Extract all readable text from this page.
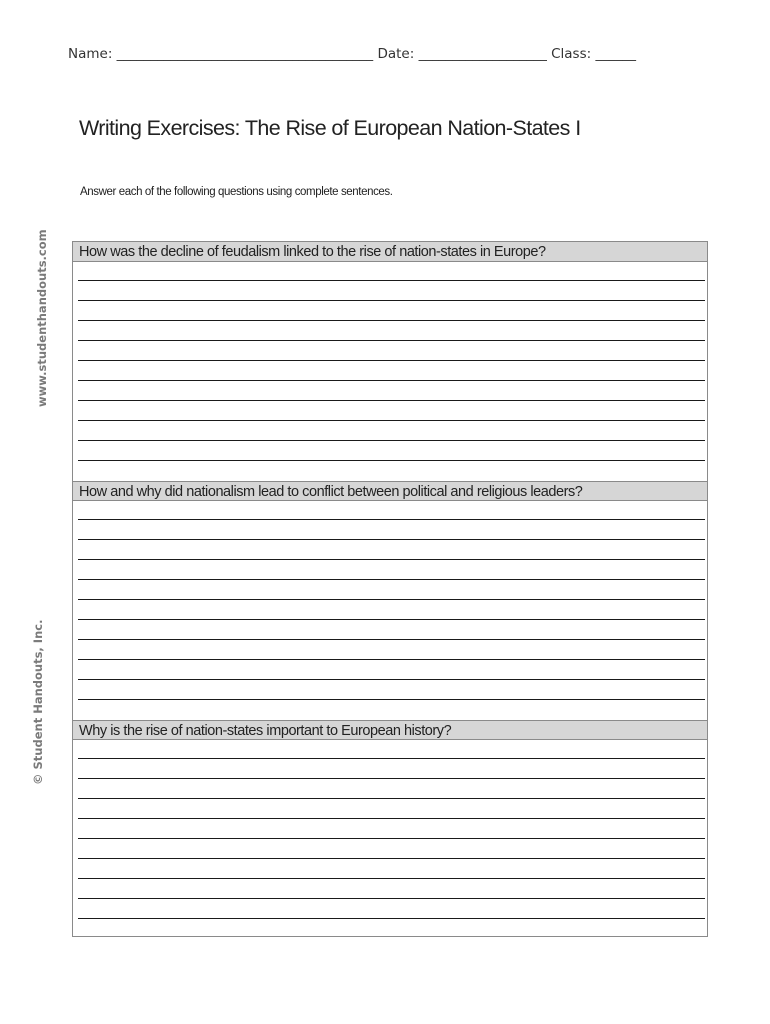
Name: ______________________________________ Date: ___________________ Class: ______
Writing Exercises: The Rise of European Nation-States I
Answer each of the following questions using complete sentences.
www.studenthandouts.com
© Student Handouts, Inc.
How was the decline of feudalism linked to the rise of nation-states in Europe?
How and why did nationalism lead to conflict between political and religious leaders?
Why is the rise of nation-states important to European history?
